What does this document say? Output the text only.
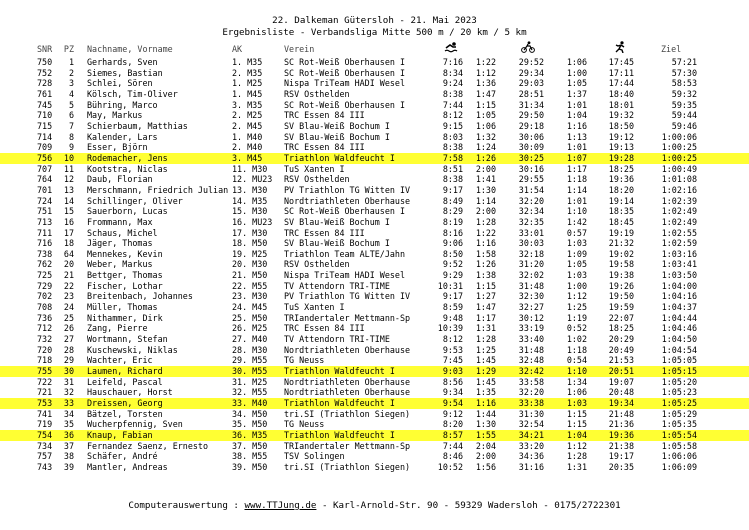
22. Dalkeman Gütersloh - 21. Mai 2023
Ergebnisliste - Verbandsliga Mitte 500 m / 20 km / 5 km
SNR	PZ Nachname, Vorname	AK	Verein	Ziel
750	1 Gerhards, Sven	1. M35	SC Rot-Weiß Oberhausen I	7:16	1:22	29:52	1:06	17:45	57:21
752	2 Siemes, Bastian	2. M35	SC Rot-Weiß Oberhausen I	8:34	1:12	29:34	1:00	17:11	57:30
728	3 Schlei, Sören	1. M25	Nispa TriTeam HADI Wesel	9:24	1:36	29:03	1:05	17:44	58:53
761	4 Kölsch, Tim-Oliver	1. M45	RSV Osthelden	8:38	1:47	28:51	1:37	18:40	59:32
745	5 Bühring, Marco	3. M35	SC Rot-Weiß Oberhausen I	7:44	1:15	31:34	1:01	18:01	59:35
710	6 May, Markus	2. M25	TRC Essen 84 III	8:12	1:05	29:50	1:04	19:32	59:44
715	7 Schierbaum, Matthias	2. M45	SV Blau-Weiß Bochum I	9:15	1:06	29:18	1:16	18:50	59:46
714	8 Kalender, Lars	1. M40	SV Blau-Weiß Bochum I	8:03	1:32	30:06	1:13	19:12	1:00:06
709	9 Esser, Björn	2. M40	TRC Essen 84 III	8:38	1:24	30:09	1:01	19:13	1:00:25
756	10 Rodemacher, Jens	3. M45	Triathlon Waldfeucht I	7:58	1:26	30:25	1:07	19:28	1:00:25
707	11 Kootstra, Niclas	11. M30 TuS Xanten I	8:51	2:00	30:16	1:17	18:25	1:00:49
764	12 Daub, Florian	12. MU23 RSV Osthelden	8:38	1:41	29:55	1:18	19:36	1:01:08
701	13 Merschmann, Friedrich Julian 13. M30 PV Triathlon TG Witten IV	9:17	1:30	31:54	1:14	18:20	1:02:16
724	14 Schillinger, Oliver	14. M35 Nordtriathleten Oberhause	8:49	1:14	32:20	1:01	19:14	1:02:39
751	15 Sauerborn, Lucas	15. M30 SC Rot-Weiß Oberhausen I	8:29	2:00	32:34	1:10	18:35	1:02:49
713	16 Frommann, Max	16. MU23 SV Blau-Weiß Bochum I	8:19	1:28	32:35	1:42	18:45	1:02:49
711	17 Schaus, Michel	17. M30 TRC Essen 84 III	8:16	1:22	33:01	0:57	19:19	1:02:55
716	18 Jäger, Thomas	18. M50 SV Blau-Weiß Bochum I	9:06	1:16	30:03	1:03	21:32	1:02:59
738	64 Mennekes, Kevin	19. M25 Triathlon Team ALTE/Jahn	8:50	1:58	32:18	1:09	19:02	1:03:16
762	20 Weber, Markus	20. M30 RSV Osthelden	9:52	1:26	31:20	1:05	19:58	1:03:41
725	21 Bettger, Thomas	21. M50 Nispa TriTeam HADI Wesel	9:29	1:38	32:02	1:03	19:38	1:03:50
729	22 Fischer, Lothar	22. M55 TV Attendorn TRI-TIME	10:31	1:15	31:48	1:00	19:26	1:04:00
702	23 Breitenbach, Johannes	23. M30 PV Triathlon TG Witten IV	9:17	1:27	32:30	1:12	19:50	1:04:16
708	24 Müller, Thomas	24. M45 TuS Xanten I	8:59	1:47	32:27	1:25	19:59	1:04:37
736	25 Nithammer, Dirk	25. M50 TRIandertaler Mettmann-Sp	9:48	1:17	30:12	1:19	22:07	1:04:44
712	26 Zang, Pierre	26. M25 TRC Essen 84 III	10:39	1:31	33:19	0:52	18:25	1:04:46
732	27 Wortmann, Stefan	27. M40 TV Attendorn TRI-TIME	8:12	1:28	33:40	1:02	20:29	1:04:50
720	28 Kuschewski, Niklas	28. M30 Nordtriathleten Oberhause	9:53	1:25	31:48	1:18	20:49	1:04:54
718	29 Wachter, Eric	29. M55 TG Neuss	7:45	1:45	32:48	0:54	21:53	1:05:05
755	30 Laumen, Richard	30. M55 Triathlon Waldfeucht I	9:03	1:29	32:42	1:10	20:51	1:05:15
722	31 Leifeld, Pascal	31. M25 Nordtriathleten Oberhause	8:56	1:45	33:58	1:34	19:07	1:05:20
721	32 Hauschauer, Horst	32. M55 Nordtriathleten Oberhause	9:34	1:35	32:20	1:06	20:48	1:05:23
753	33 Dreissen, Georg	33. M40 Triathlon Waldfeucht I	9:54	1:16	33:38	1:03	19:34	1:05:25
741	34 Bätzel, Torsten	34. M50 tri.SI (Triathlon Siegen)	9:12	1:44	31:30	1:15	21:48	1:05:29
719	35 Wucherpfennig, Sven	35. M50 TG Neuss	8:20	1:30	32:54	1:15	21:36	1:05:35
754	36 Knaup, Fabian	36. M35 Triathlon Waldfeucht I	8:57	1:55	34:21	1:04	19:36	1:05:54
734	37 Fernandez Saenz, Ernesto	37. M50 TRIandertaler Mettmann-Sp	7:44	2:04	33:20	1:12	21:38	1:05:58
757	38 Schäfer, André	38. M55 TSV Solingen	8:46	2:00	34:36	1:28	19:17	1:06:06
743	39 Mantler, Andreas	39. M50 tri.SI (Triathlon Siegen)	10:52	1:56	31:16	1:31	20:35	1:06:09
Computerauswertung : www.TTJung.de - Karl-Arnold-Str. 90 - 59329 Wadersloh - 0175/2722301
